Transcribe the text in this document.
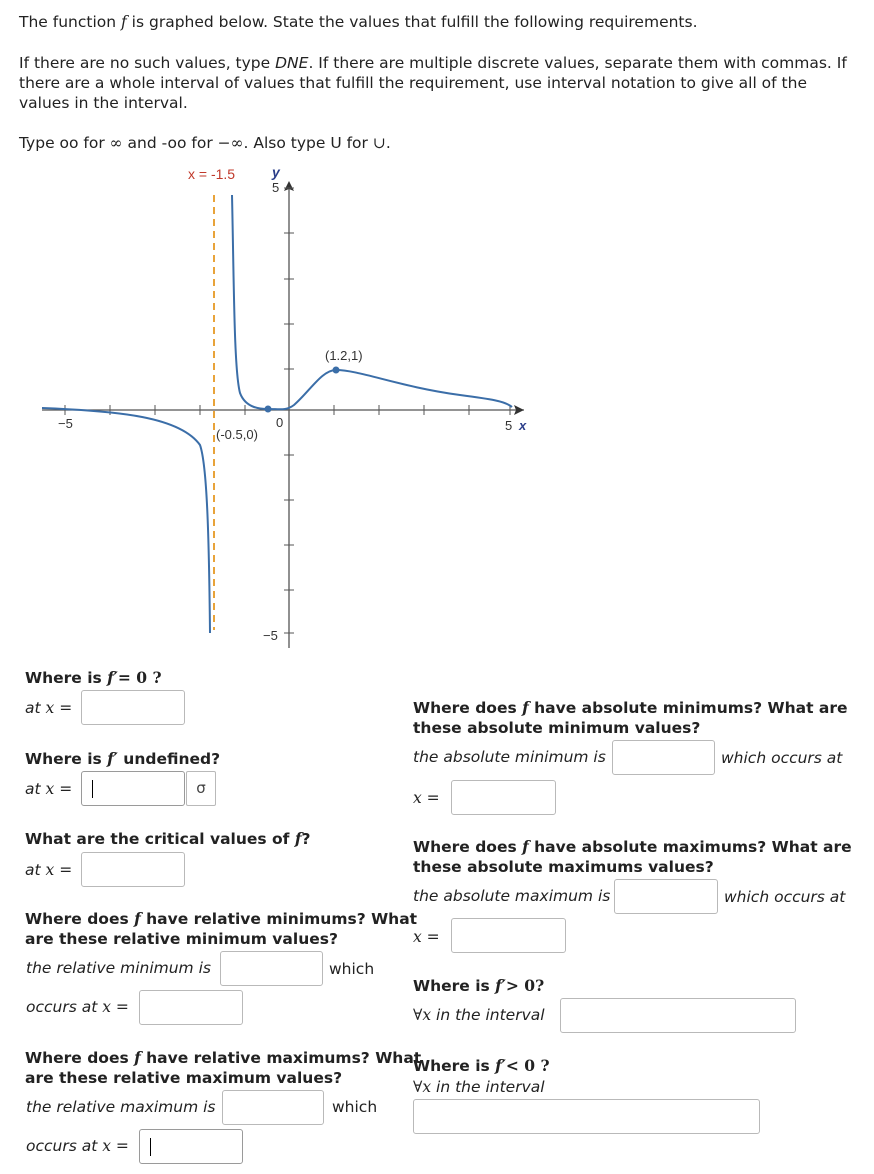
The function f is graphed below. State the values that fulfill the following requirements.
If there are no such values, type DNE. If there are multiple discrete values, separate them with commas. If
there are a whole interval of values that fulfill the requirement, use interval notation to give all of the
values in the interval.
Type oo for ∞ and -oo for −∞. Also type U for ∪.
x = -1.5	y
5
−5
−5	5 x
0
(-0.5,0)
(1.2,1)
Where is f′= 0 ?
at x =
Where is f′ undefined?
at x =	σ
What are the critical values of f?
at x =
Where does f have relative minimums? What
are these relative minimum values?
the relative minimum is	which
occurs at x =
Where does f have relative maximums? What
are these relative maximum values?
the relative maximum is	which
occurs at x =
Where does f have absolute minimums? What are
these absolute minimum values?
the absolute minimum is	which occurs at
x =
Where does f have absolute maximums? What are
these absolute maximums values?
the absolute maximum is	which occurs at
x =
Where is f′> 0?
∀x in the interval
Where is f′< 0 ?
∀x in the interval
